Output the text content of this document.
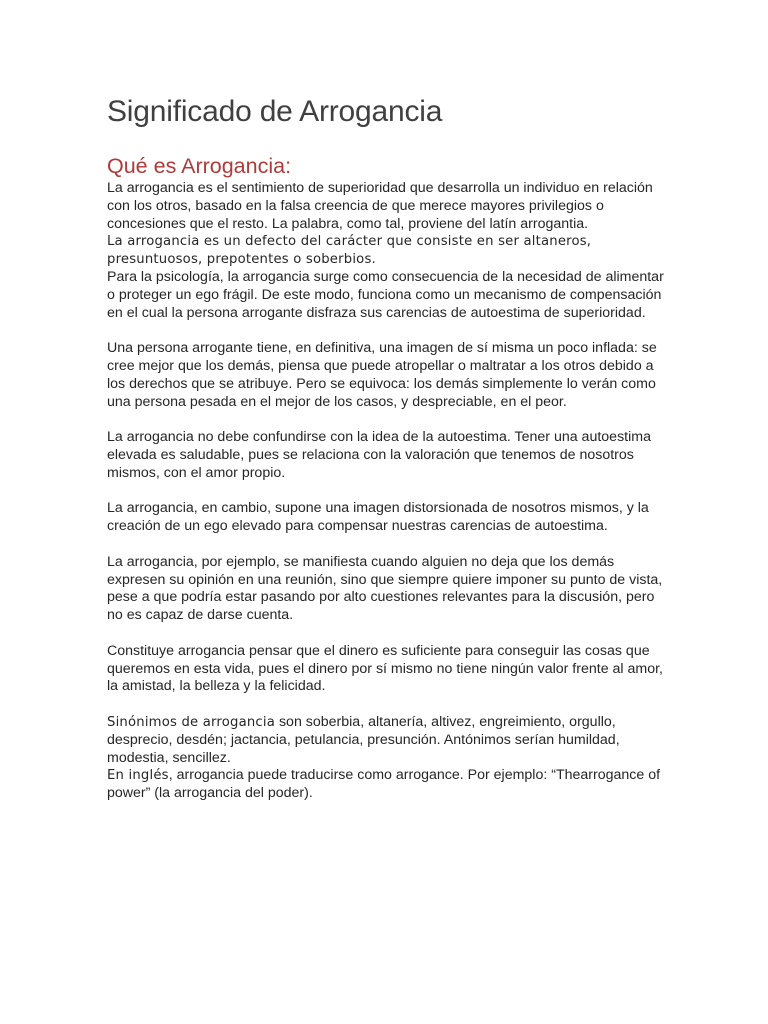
Significado de Arrogancia
Qué es Arrogancia:

La arrogancia es el sentimiento de superioridad que desarrolla un individuo en relación con los otros, basado en la falsa creencia de que merece mayores privilegios o concesiones que el resto. La palabra, como tal, proviene del latín arrogantia.

La arrogancia es un defecto del carácter que consiste en ser altaneros, presuntuosos, prepotentes o soberbios.

Para la psicología, la arrogancia surge como consecuencia de la necesidad de alimentar o proteger un ego frágil. De este modo, funciona como un mecanismo de compensación en el cual la persona arrogante disfraza sus carencias de autoestima de superioridad.

Una persona arrogante tiene, en definitiva, una imagen de sí misma un poco inflada: se cree mejor que los demás, piensa que puede atropellar o maltratar a los otros debido a los derechos que se atribuye. Pero se equivoca: los demás simplemente lo verán como una persona pesada en el mejor de los casos, y despreciable, en el peor.

La arrogancia no debe confundirse con la idea de la autoestima. Tener una autoestima elevada es saludable, pues se relaciona con la valoración que tenemos de nosotros mismos, con el amor propio.

La arrogancia, en cambio, supone una imagen distorsionada de nosotros mismos, y la creación de un ego elevado para compensar nuestras carencias de autoestima.

La arrogancia, por ejemplo, se manifiesta cuando alguien no deja que los demás expresen su opinión en una reunión, sino que siempre quiere imponer su punto de vista, pese a que podría estar pasando por alto cuestiones relevantes para la discusión, pero no es capaz de darse cuenta.

Constituye arrogancia pensar que el dinero es suficiente para conseguir las cosas que queremos en esta vida, pues el dinero por sí mismo no tiene ningún valor frente al amor, la amistad, la belleza y la felicidad.

Sinónimos de arrogancia son soberbia, altanería, altivez, engreimiento, orgullo, desprecio, desdén; jactancia, petulancia, presunción. Antónimos serían humildad, modestia, sencillez.

En inglés, arrogancia puede traducirse como arrogance. Por ejemplo: “Thearrogance of power” (la arrogancia del poder).
